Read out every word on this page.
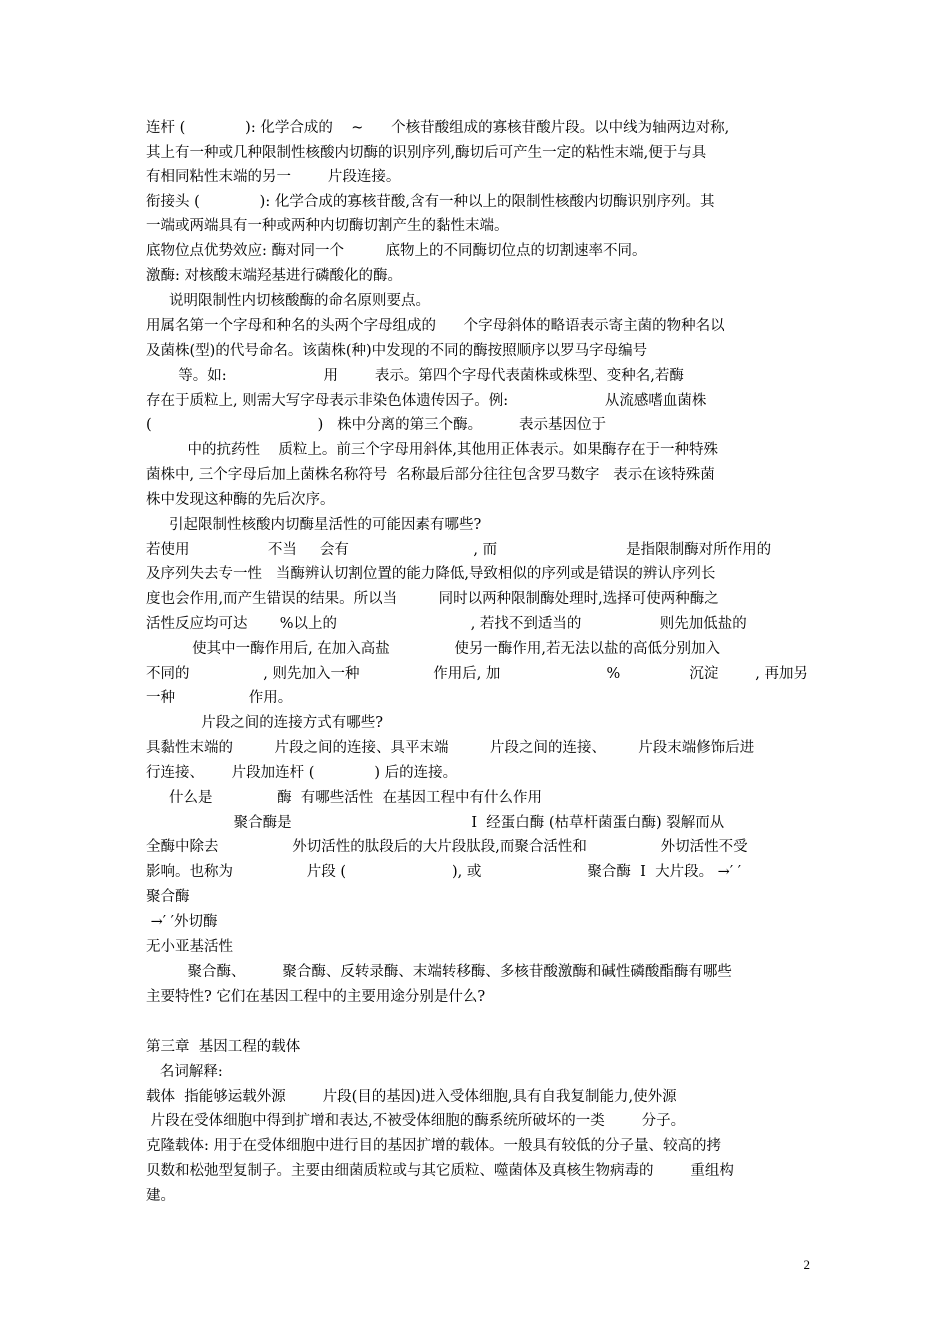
连杆 (             ): 化学合成的    ~      个核苷酸组成的寡核苷酸片段。以中线为轴两边对称,
其上有一种或几种限制性核酸内切酶的识别序列,酶切后可产生一定的粘性末端,便于与具
有相同粘性末端的另一        片段连接。
衔接头 (             ): 化学合成的寡核苷酸,含有一种以上的限制性核酸内切酶识别序列。其
一端或两端具有一种或两种内切酶切割产生的黏性末端。
底物位点优势效应: 酶对同一个         底物上的不同酶切位点的切割速率不同。
激酶: 对核酸末端羟基进行磷酸化的酶。
说明限制性内切核酸酶的命名原则要点。
用属名第一个字母和种名的头两个字母组成的      个字母斜体的略语表示寄主菌的物种名以
及菌株(型)的代号命名。该菌株(种)中发现的不同的酶按照顺序以罗马字母编号
等。如:                     用        表示。第四个字母代表菌株或株型、变种名,若酶
存在于质粒上, 则需大写字母表示非染色体遗传因子。例:                     从流感嗜血菌株
(                                    )   株中分离的第三个酶。        表示基因位于
中的抗药性    质粒上。前三个字母用斜体,其他用正体表示。如果酶存在于一种特殊
菌株中, 三个字母后加上菌株名称符号  名称最后部分往往包含罗马数字   表示在该特殊菌
株中发现这种酶的先后次序。
引起限制性核酸内切酶星活性的可能因素有哪些?
若使用                 不当     会有                           , 而                            是指限制酶对所作用的
及序列失去专一性   当酶辨认切割位置的能力降低,导致相似的序列或是错误的辨认序列长
度也会作用,而产生错误的结果。所以当         同时以两种限制酶处理时,选择可使两种酶之
活性反应均可达       %以上的                             , 若找不到适当的                 则先加低盐的
使其中一酶作用后, 在加入高盐              使另一酶作用,若无法以盐的高低分别加入
不同的                , 则先加入一种                作用后, 加                       %               沉淀        , 再加另
一种                作用。
片段之间的连接方式有哪些?
具黏性末端的         片段之间的连接、具平末端         片段之间的连接、       片段末端修饰后进
行连接、      片段加连杆 (             ) 后的连接。
什么是              酶  有哪些活性  在基因工程中有什么作用
聚合酶是                                       I  经蛋白酶 (枯草杆菌蛋白酶) 裂解而从
全酶中除去                外切活性的肽段后的大片段肽段,而聚合活性和                外切活性不受
影响。也称为                片段 (                       ), 或                       聚合酶  I  大片段。 →′ ′
聚合酶
→′ ′外切酶
无小亚基活性
聚合酶、        聚合酶、反转录酶、末端转移酶、多核苷酸激酶和碱性磷酸酯酶有哪些
主要特性? 它们在基因工程中的主要用途分别是什么?
第三章  基因工程的载体
名词解释:
载体  指能够运载外源        片段(目的基因)进入受体细胞,具有自我复制能力,使外源
片段在受体细胞中得到扩增和表达,不被受体细胞的酶系统所破坏的一类        分子。
克隆载体: 用于在受体细胞中进行目的基因扩增的载体。一般具有较低的分子量、较高的拷
贝数和松弛型复制子。主要由细菌质粒或与其它质粒、噬菌体及真核生物病毒的        重组构
建。
2
